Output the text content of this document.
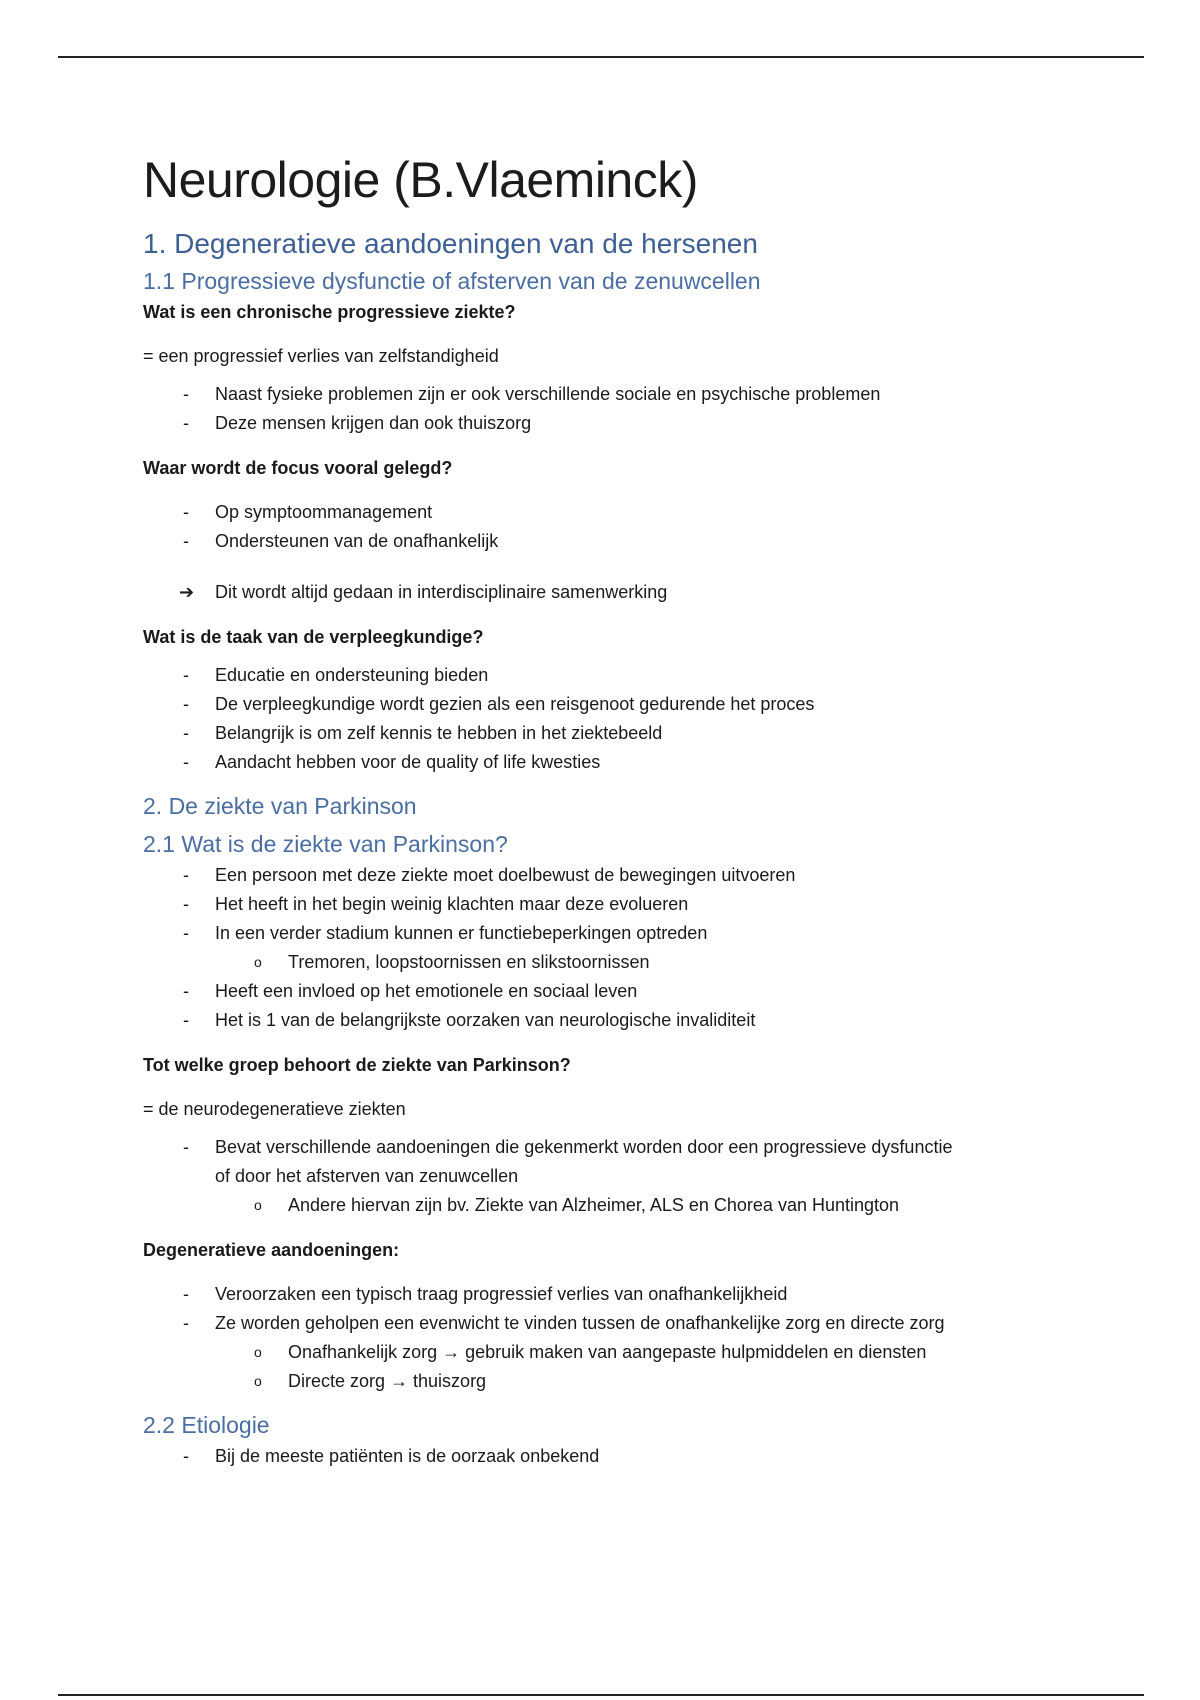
Neurologie (B.Vlaeminck)
1. Degeneratieve aandoeningen van de hersenen
1.1 Progressieve dysfunctie of afsterven van de zenuwcellen

Wat is een chronische progressieve ziekte?

= een progressief verlies van zelfstandigheid

- Naast fysieke problemen zijn er ook verschillende sociale en psychische problemen
- Deze mensen krijgen dan ook thuiszorg

Waar wordt de focus vooral gelegd?

- Op symptoommanagement
- Ondersteunen van de onafhankelijk
➔ Dit wordt altijd gedaan in interdisciplinaire samenwerking

Wat is de taak van de verpleegkundige?

- Educatie en ondersteuning bieden
- De verpleegkundige wordt gezien als een reisgenoot gedurende het proces
- Belangrijk is om zelf kennis te hebben in het ziektebeeld
- Aandacht hebben voor de quality of life kwesties
2. De ziekte van Parkinson
2.1 Wat is de ziekte van Parkinson?
- Een persoon met deze ziekte moet doelbewust de bewegingen uitvoeren
- Het heeft in het begin weinig klachten maar deze evolueren
- In een verder stadium kunnen er functiebeperkingen optreden
o Tremoren, loopstoornissen en slikstoornissen
- Heeft een invloed op het emotionele en sociaal leven
- Het is 1 van de belangrijkste oorzaken van neurologische invaliditeit

Tot welke groep behoort de ziekte van Parkinson?

= de neurodegeneratieve ziekten

- Bevat verschillende aandoeningen die gekenmerkt worden door een progressieve dysfunctie
of door het afsterven van zenuwcellen
o Andere hiervan zijn bv. Ziekte van Alzheimer, ALS en Chorea van Huntington

Degeneratieve aandoeningen:

- Veroorzaken een typisch traag progressief verlies van onafhankelijkheid
- Ze worden geholpen een evenwicht te vinden tussen de onafhankelijke zorg en directe zorg
o Onafhankelijk zorg → gebruik maken van aangepaste hulpmiddelen en diensten
o Directe zorg → thuiszorg
2.2 Etiologie
- Bij de meeste patiënten is de oorzaak onbekend
